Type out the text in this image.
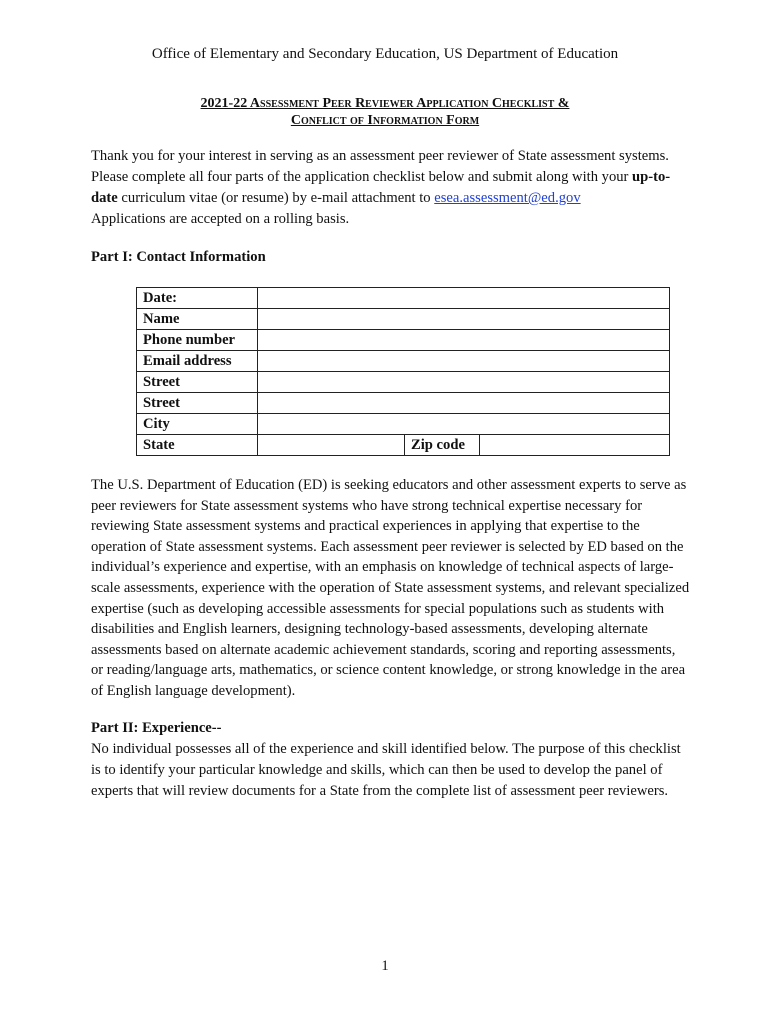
Office of Elementary and Secondary Education, US Department of Education
2021-22 Assessment Peer Reviewer Application Checklist &
Conflict of Information Form
Thank you for your interest in serving as an assessment peer reviewer of State assessment systems. Please complete all four parts of the application checklist below and submit along with your up-to-date curriculum vitae (or resume) by e-mail attachment to esea.assessment@ed.gov
Applications are accepted on a rolling basis.
Part I: Contact Information
Date:			
Name			
Phone number			
Email address			
Street			
Street			
City			
State		Zip code	
The U.S. Department of Education (ED) is seeking educators and other assessment experts to serve as peer reviewers for State assessment systems who have strong technical expertise necessary for reviewing State assessment systems and practical experiences in applying that expertise to the operation of State assessment systems. Each assessment peer reviewer is selected by ED based on the individual’s experience and expertise, with an emphasis on knowledge of technical aspects of large-scale assessments, experience with the operation of State assessment systems, and relevant specialized expertise (such as developing accessible assessments for special populations such as students with disabilities and English learners, designing technology-based assessments, developing alternate assessments based on alternate academic achievement standards, scoring and reporting assessments, or reading/language arts, mathematics, or science content knowledge, or strong knowledge in the area of English language development).
Part II: Experience--
No individual possesses all of the experience and skill identified below. The purpose of this checklist is to identify your particular knowledge and skills, which can then be used to develop the panel of experts that will review documents for a State from the complete list of assessment peer reviewers.
1
